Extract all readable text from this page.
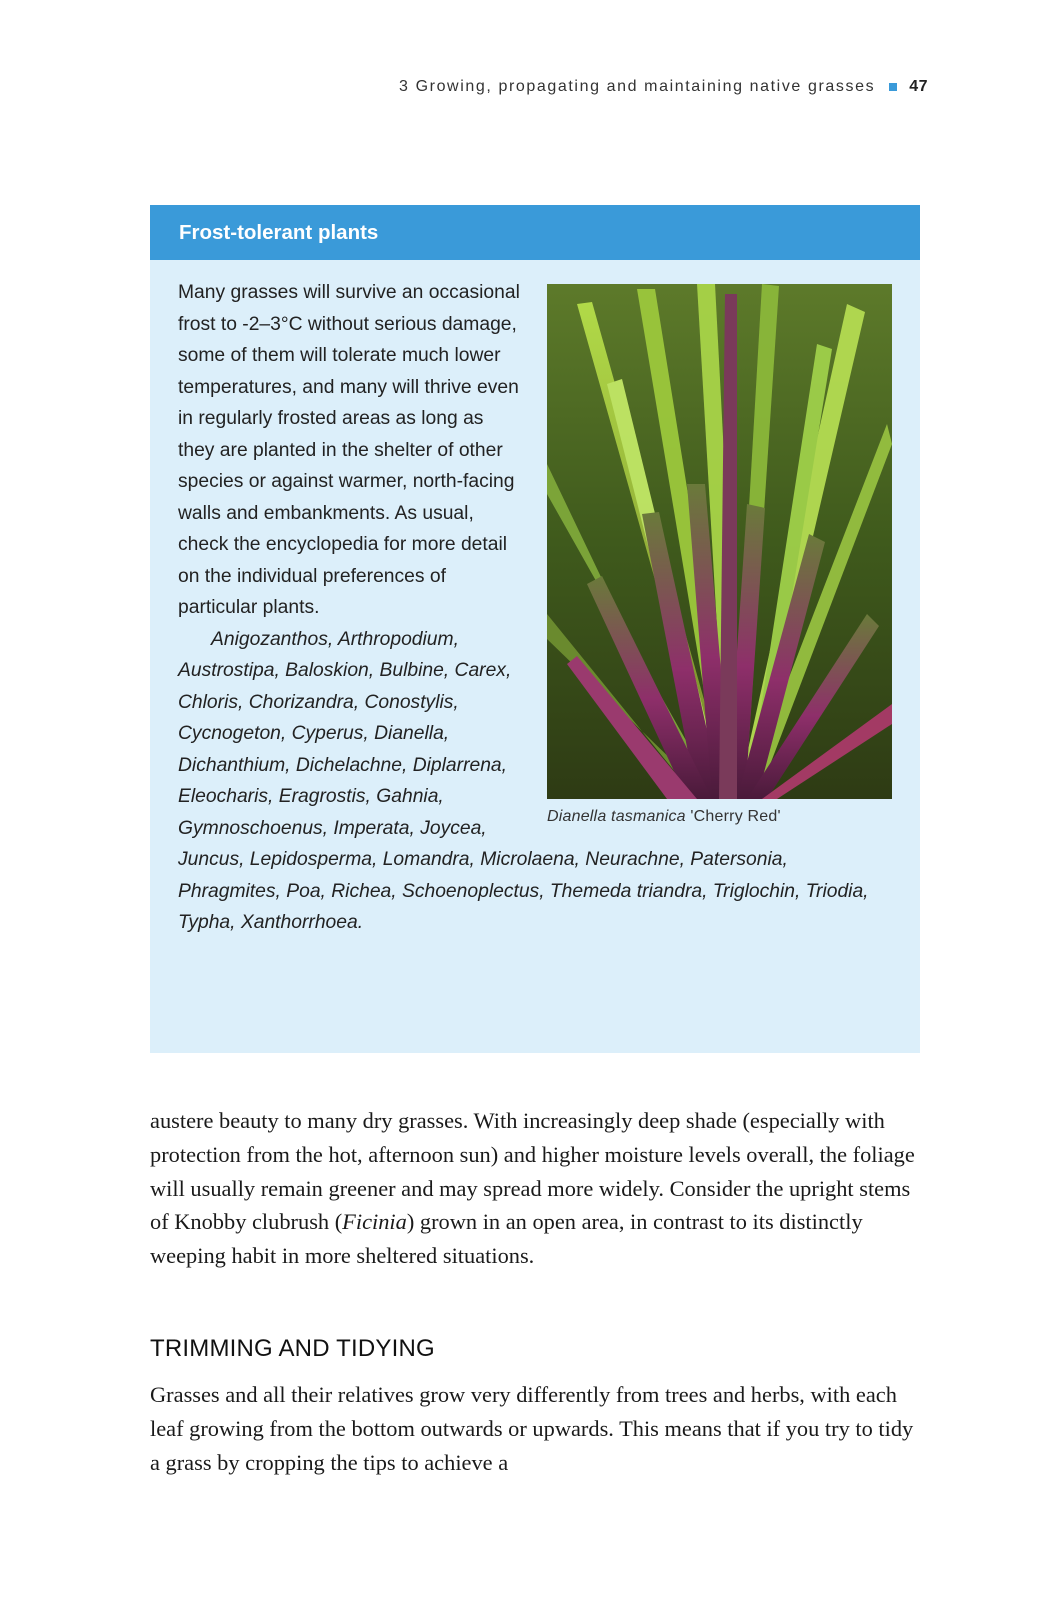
3 Growing, propagating and maintaining native grasses 47
Frost-tolerant plants
Dianella tasmanica 'Cherry Red'

Many grasses will survive an occasional frost to -2–3°C without serious damage, some of them will tolerate much lower temperatures, and many will thrive even in regularly frosted areas as long as they are planted in the shelter of other species or against warmer, north-facing walls and embankments. As usual, check the encyclopedia for more detail on the individual preferences of particular plants.

Anigozanthos, Arthropodium, Austrostipa, Baloskion, Bulbine, Carex, Chloris, Chorizandra, Conostylis, Cycnogeton, Cyperus, Dianella, Dichanthium, Dichelachne, Diplarrena, Eleocharis, Eragrostis, Gahnia, Gymnoschoenus, Imperata, Joycea, Juncus, Lepidosperma, Lomandra, Microlaena, Neurachne, Patersonia, Phragmites, Poa, Richea, Schoenoplectus, Themeda triandra, Triglochin, Triodia, Typha, Xanthorrhoea.

austere beauty to many dry grasses. With increasingly deep shade (especially with protection from the hot, afternoon sun) and higher moisture levels overall, the foliage will usually remain greener and may spread more widely. Consider the upright stems of Knobby clubrush (Ficinia) grown in an open area, in contrast to its distinctly weeping habit in more sheltered situations.

TRIMMING AND TIDYING

Grasses and all their relatives grow very differently from trees and herbs, with each leaf growing from the bottom outwards or upwards. This means that if you try to tidy a grass by cropping the tips to achieve a
